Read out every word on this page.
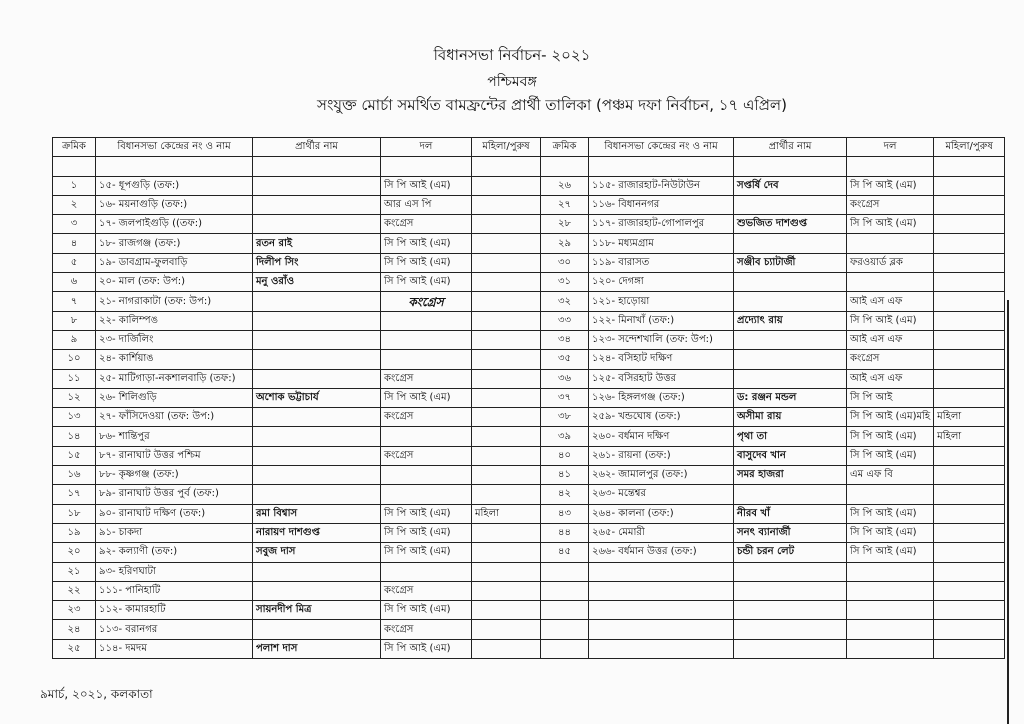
বিধানসভা নির্বাচন- ২০২১
পশ্চিমবঙ্গ
সংযুক্ত মোর্চা সমর্থিত বামফ্রন্টের প্রার্থী তালিকা (পঞ্চম দফা নির্বাচন, ১৭ এপ্রিল)
ক্রমিক	বিধানসভা কেন্দ্রের নং ও নাম	প্রার্থীর নাম	দল	মহিলা/পুরুষ

১	১৫- ধূপগুড়ি (তফ:)		সি পি আই (এম)	
২	১৬- ময়নাগুড়ি (তফ:)		আর এস পি	
৩	১৭- জলপাইগুড়ি ((তফ:)		কংগ্রেস	
৪	১৮- রাজগঞ্জ (তফ:)	রতন রাই	সি পি আই (এম)	
৫	১৯- ডাবগ্রাম-ফুলবাড়ি	দিলীপ সিং	সি পি আই (এম)	
৬	২০- মাল (তফ: উপ:)	মনু ওরাঁও	সি পি আই (এম)	
৭	২১- নাগরাকাটা (তফ: উপ:)		কংগ্রেস	
৮	২২- কালিম্পঙ			
৯	২৩- দার্জিলিং			
১০	২৪- কার্শিয়াঙ			
১১	২৫- মাটিগাড়া-নকশালবাড়ি (তফ:)		কংগ্রেস	
১২	২৬- শিলিগুড়ি	অশোক ভট্টাচার্য	সি পি আই (এম)	
১৩	২৭- ফাঁসিদেওয়া (তফ: উপ:)		কংগ্রেস	
১৪	৮৬- শান্তিপুর			
১৫	৮৭- রানাঘাট উত্তর পশ্চিম		কংগ্রেস	
১৬	৮৮- কৃষ্ণগঞ্জ (তফ:)			
১৭	৮৯- রানাঘাট উত্তর পুর্ব (তফ:)			
১৮	৯০- রানাঘাট দক্ষিণ (তফ:)	রমা বিশ্বাস	সি পি আই (এম)	মহিলা
১৯	৯১- চাকদা	নারায়ণ দাশগুপ্ত	সি পি আই (এম)	
২০	৯২- কল্যাণী (তফ:)	সবুজ দাস	সি পি আই (এম)	
২১	৯৩- হরিণঘাটা			
২২	১১১- পানিহাটি		কংগ্রেস	
২৩	১১২- কামারহাটি	সায়নদীপ মিত্র	সি পি আই (এম)	
২৪	১১৩- বরানগর		কংগ্রেস	
২৫	১১৪- দমদম	পলাশ দাস	সি পি আই (এম)	
ক্রমিক	বিধানসভা কেন্দ্রের নং ও নাম	প্রার্থীর নাম	দল	মহিলা/পুরুষ

২৬	১১৫- রাজারহাট-নিউটাউন	সপ্তর্ষি দেব	সি পি আই (এম)	
২৭	১১৬- বিধাননগর		কংগ্রেস	
২৮	১১৭- রাজারহাট-গোপালপুর	শুভজিত দাশগুপ্ত	সি পি আই (এম)	
২৯	১১৮- মধ্যমগ্রাম			
৩০	১১৯- বারাসত	সঞ্জীব চ্যাটার্জী	ফরওয়ার্ড ব্লক	
৩১	১২০- দেগঙ্গা			
৩২	১২১- হাড়োয়া		আই এস এফ	
৩৩	১২২- মিনাখাঁ (তফ:)	প্রদ্যোৎ রায়	সি পি আই (এম)	
৩৪	১২৩- সন্দেশখালি (তফ: উপ:)		আই এস এফ	
৩৫	১২৪- বসিহাট দক্ষিণ		কংগ্রেস	
৩৬	১২৫- বসিরহাট উত্তর		আই এস এফ	
৩৭	১২৬- হিঙ্গলগঞ্জ (তফ:)	ড: রঞ্জন মন্ডল	সি পি আই	
৩৮	২৫৯- খন্ডঘোষ (তফ:)	অসীমা রায়	সি পি আই (এম)মহি	মহিলা
৩৯	২৬০- বর্ধমান দক্ষিণ	পৃথা তা	সি পি আই (এম)	মহিলা
৪০	২৬১- রায়না (তফ:)	বাসুদেব খান	সি পি আই (এম)	
৪১	২৬২- জামালপুর (তফ:)	সমর হাজরা	এম এফ বি	
৪২	২৬৩- মন্তেশ্বর			
৪৩	২৬৪- কালনা (তফ:)	নীরব খাঁ	সি পি আই (এম)	
৪৪	২৬৫- মেমারী	সনৎ ব্যানার্জী	সি পি আই (এম)	
৪৫	২৬৬- বর্ধমান উত্তর (তফ:)	চন্ডী চরন লেট	সি পি আই (এম)	

৯মার্চ, ২০২১, কলকাতা
